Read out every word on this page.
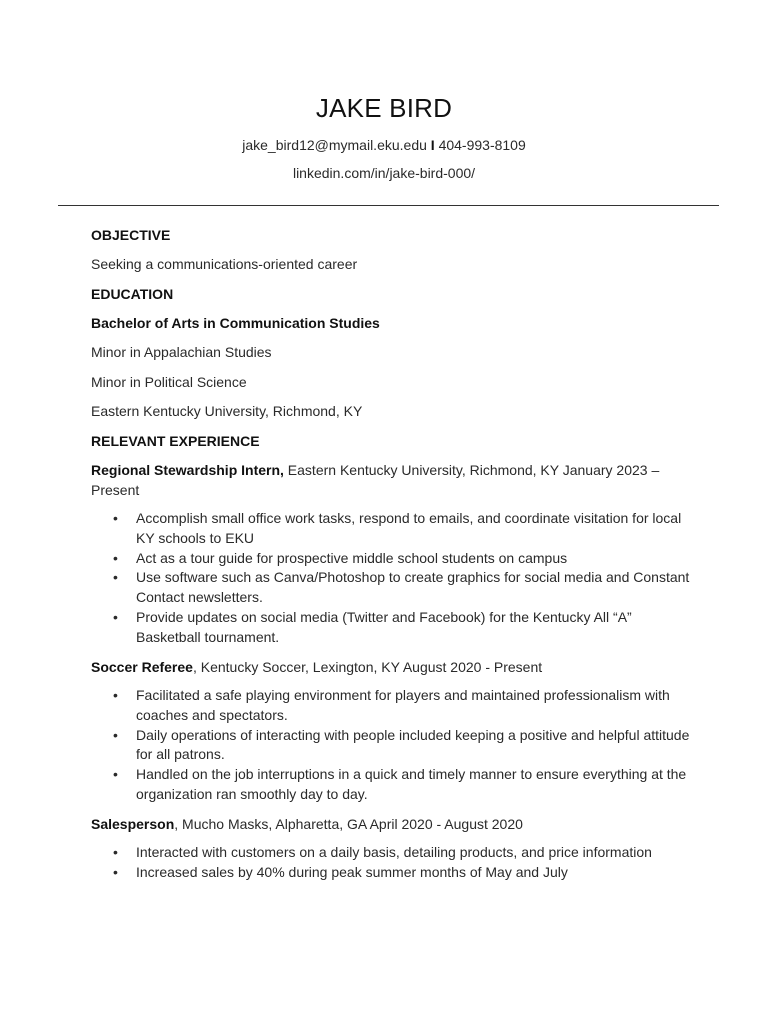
JAKE BIRD
jake_bird12@mymail.eku.edu I 404-993-8109
linkedin.com/in/jake-bird-000/
OBJECTIVE
Seeking a communications-oriented career
EDUCATION
Bachelor of Arts in Communication Studies
Minor in Appalachian Studies
Minor in Political Science
Eastern Kentucky University, Richmond, KY
RELEVANT EXPERIENCE
Regional Stewardship Intern, Eastern Kentucky University, Richmond, KY January 2023 – Present
• Accomplish small office work tasks, respond to emails, and coordinate visitation for local KY schools to EKU
• Act as a tour guide for prospective middle school students on campus
• Use software such as Canva/Photoshop to create graphics for social media and Constant Contact newsletters.
• Provide updates on social media (Twitter and Facebook) for the Kentucky All “A” Basketball tournament.
Soccer Referee, Kentucky Soccer, Lexington, KY August 2020 - Present
• Facilitated a safe playing environment for players and maintained professionalism with coaches and spectators.
• Daily operations of interacting with people included keeping a positive and helpful attitude for all patrons.
• Handled on the job interruptions in a quick and timely manner to ensure everything at the organization ran smoothly day to day.
Salesperson, Mucho Masks, Alpharetta, GA April 2020 - August 2020
• Interacted with customers on a daily basis, detailing products, and price information
• Increased sales by 40% during peak summer months of May and July
